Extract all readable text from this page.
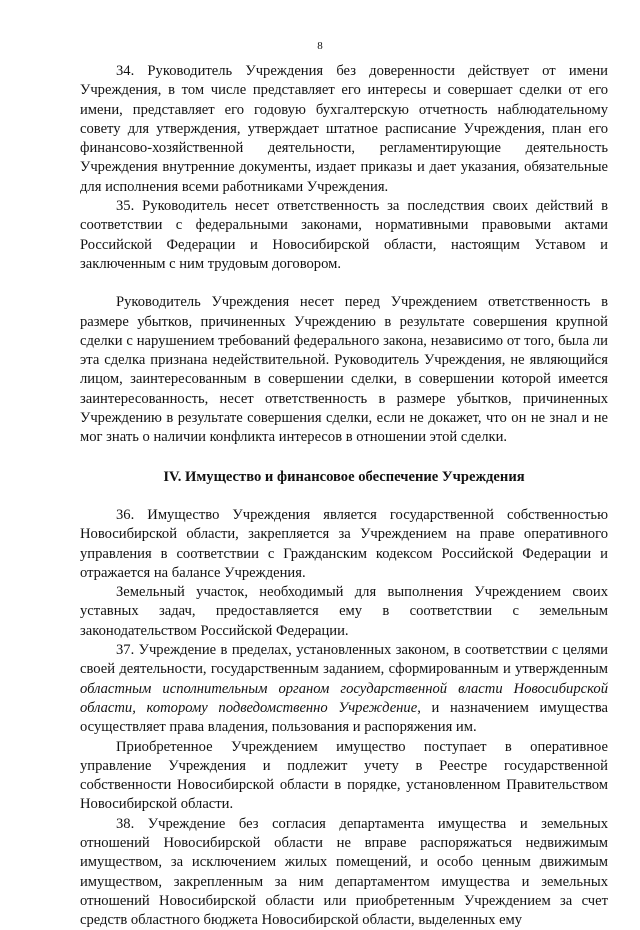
8

34. Руководитель Учреждения без доверенности действует от имени Учреждения, в том числе представляет его интересы и совершает сделки от его имени, представляет его годовую бухгалтерскую отчетность наблюдательному совету для утверждения, утверждает штатное расписание Учреждения, план его финансово-хозяйственной деятельности, регламентирующие деятельность Учреждения внутренние документы, издает приказы и дает указания, обязательные для исполнения всеми работниками Учреждения.

35. Руководитель несет ответственность за последствия своих действий в соответствии с федеральными законами, нормативными правовыми актами Российской Федерации и Новосибирской области, настоящим Уставом и заключенным с ним трудовым договором.

Руководитель Учреждения несет перед Учреждением ответственность в размере убытков, причиненных Учреждению в результате совершения крупной сделки с нарушением требований федерального закона, независимо от того, была ли эта сделка признана недействительной. Руководитель Учреждения, не являющийся лицом, заинтересованным в совершении сделки, в совершении которой имеется заинтересованность, несет ответственность в размере убытков, причиненных Учреждению в результате совершения сделки, если не докажет, что он не знал и не мог знать о наличии конфликта интересов в отношении этой сделки.

IV. Имущество и финансовое обеспечение Учреждения

36. Имущество Учреждения является государственной собственностью Новосибирской области, закрепляется за Учреждением на праве оперативного управления в соответствии с Гражданским кодексом Российской Федерации и отражается на балансе Учреждения.

Земельный участок, необходимый для выполнения Учреждением своих уставных задач, предоставляется ему в соответствии с земельным законодательством Российской Федерации.

37. Учреждение в пределах, установленных законом, в соответствии с целями своей деятельности, государственным заданием, сформированным и утвержденным областным исполнительным органом государственной власти Новосибирской области, которому подведомственно Учреждение, и назначением имущества осуществляет права владения, пользования и распоряжения им.

Приобретенное Учреждением имущество поступает в оперативное управление Учреждения и подлежит учету в Реестре государственной собственности Новосибирской области в порядке, установленном Правительством Новосибирской области.

38. Учреждение без согласия департамента имущества и земельных отношений Новосибирской области не вправе распоряжаться недвижимым имуществом, за исключением жилых помещений, и особо ценным движимым имуществом, закрепленным за ним департаментом имущества и земельных отношений Новосибирской области или приобретенным Учреждением за счет средств областного бюджета Новосибирской области, выделенных ему
